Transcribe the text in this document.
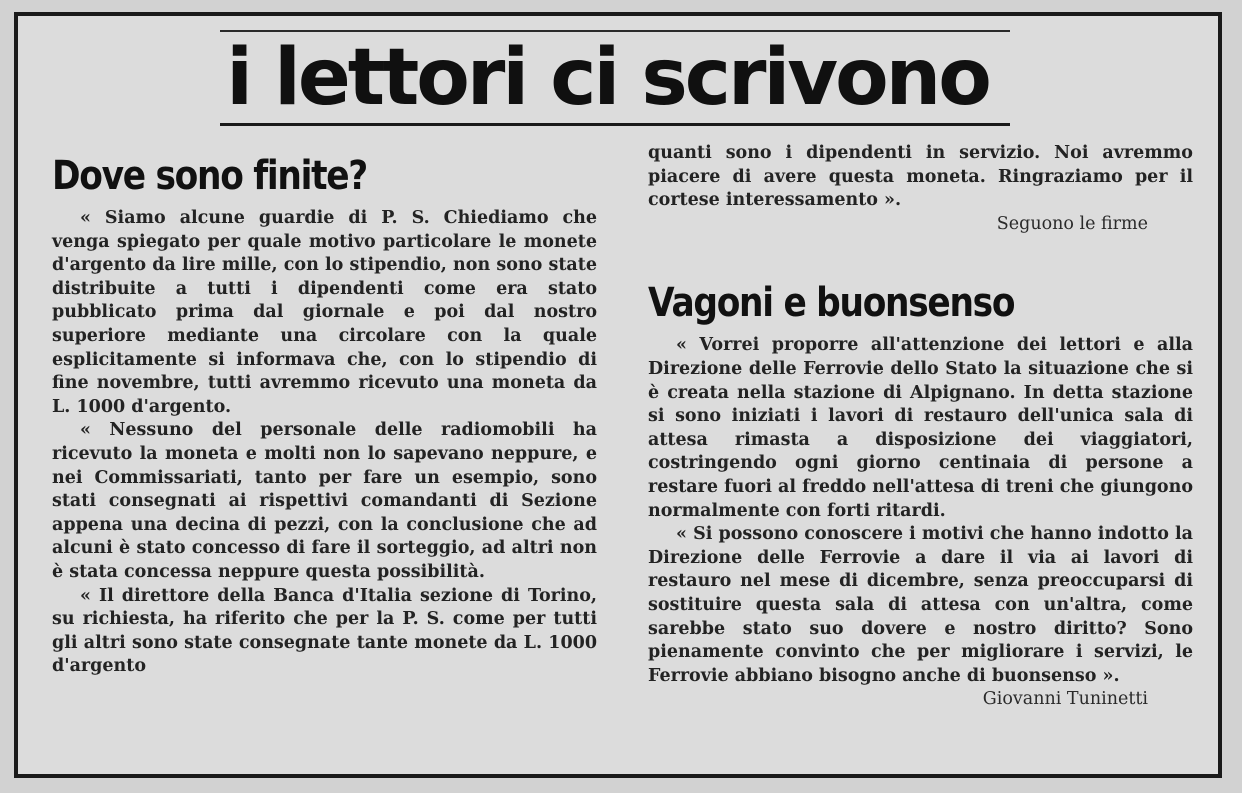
i lettori ci scrivono
Dove sono finite?

« Siamo alcune guardie di P. S. Chiediamo che venga spiegato per quale motivo particolare le monete d'argento da lire mille, con lo stipendio, non sono state distribuite a tutti i dipendenti come era stato pubblicato prima dal giornale e poi dal nostro superiore mediante una circolare con la quale esplicitamente si informava che, con lo stipendio di fine novembre, tutti avremmo ricevuto una moneta da L. 1000 d'argento.

« Nessuno del personale delle radiomobili ha ricevuto la moneta e molti non lo sapevano neppure, e nei Commissariati, tanto per fare un esempio, sono stati consegnati ai rispettivi comandanti di Sezione appena una decina di pezzi, con la conclusione che ad alcuni è stato concesso di fare il sorteggio, ad altri non è stata concessa neppure questa possibilità.

« Il direttore della Banca d'Italia sezione di Torino, su richiesta, ha riferito che per la P. S. come per tutti gli altri sono state consegnate tante monete da L. 1000 d'argento

quanti sono i dipendenti in servizio. Noi avremmo piacere di avere questa moneta. Ringraziamo per il cortese interessamento ».

Seguono le firme

Vagoni e buonsenso

« Vorrei proporre all'attenzione dei lettori e alla Direzione delle Ferrovie dello Stato la situazione che si è creata nella stazione di Alpignano. In detta stazione si sono iniziati i lavori di restauro dell'unica sala di attesa rimasta a disposizione dei viaggiatori, costringendo ogni giorno centinaia di persone a restare fuori al freddo nell'attesa di treni che giungono normalmente con forti ritardi.

« Si possono conoscere i motivi che hanno indotto la Direzione delle Ferrovie a dare il via ai lavori di restauro nel mese di dicembre, senza preoccuparsi di sostituire questa sala di attesa con un'altra, come sarebbe stato suo dovere e nostro diritto? Sono pienamente convinto che per migliorare i servizi, le Ferrovie abbiano bisogno anche di buonsenso ».

Giovanni Tuninetti
